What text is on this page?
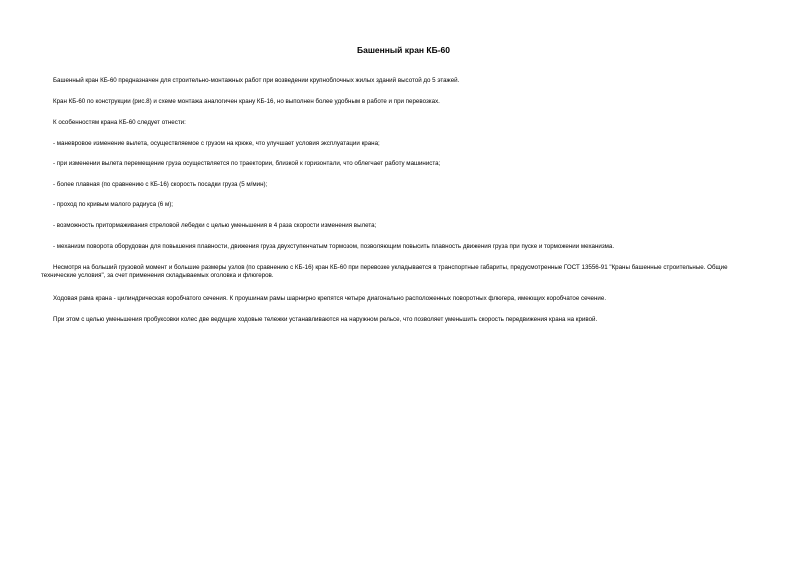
Башенный кран КБ-60

Башенный кран КБ-60 предназначен для строительно-монтажных работ при возведении крупноблочных жилых зданий высотой до 5 этажей.

Кран КБ-60 по конструкции (рис.8) и схеме монтажа аналогичен крану КБ-16, но выполнен более удобным в работе и при перевозках.

К особенностям крана КБ-60 следует отнести:

- маневровое изменение вылета, осуществляемое с грузом на крюке, что улучшает условия эксплуатации крана;

- при изменении вылета перемещение груза осуществляется по траектории, близкой к горизонтали, что облегчает работу машиниста;

- более плавная (по сравнению с КБ-16) скорость посадки груза (5 м/мин);

- проход по кривым малого радиуса (6 м);

- возможность притормаживания стреловой лебедки с целью уменьшения в 4 раза скорости изменения вылета;

- механизм поворота оборудован для повышения плавности, движения груза двухступенчатым тормозом, позволяющим повысить плавность движения груза при пуске и торможении механизма.

Несмотря на больший грузовой момент и большие размеры узлов (по сравнению с КБ-16) кран КБ-60 при перевозке укладывается в транспортные габариты, предусмотренные ГОСТ 13556-91 "Краны башенные строительные. Общие технические условия", за счет применения складываемых оголовка и флюгеров.

Ходовая рама крана - цилиндрическая коробчатого сечения. К проушинам рамы шарнирно крепятся четыре диагонально расположенных поворотных флюгера, имеющих коробчатое сечение.

При этом с целью уменьшения пробуксовки колес две ведущие ходовые тележки устанавливаются на наружном рельсе, что позволяет уменьшить скорость передвижения крана на кривой.
